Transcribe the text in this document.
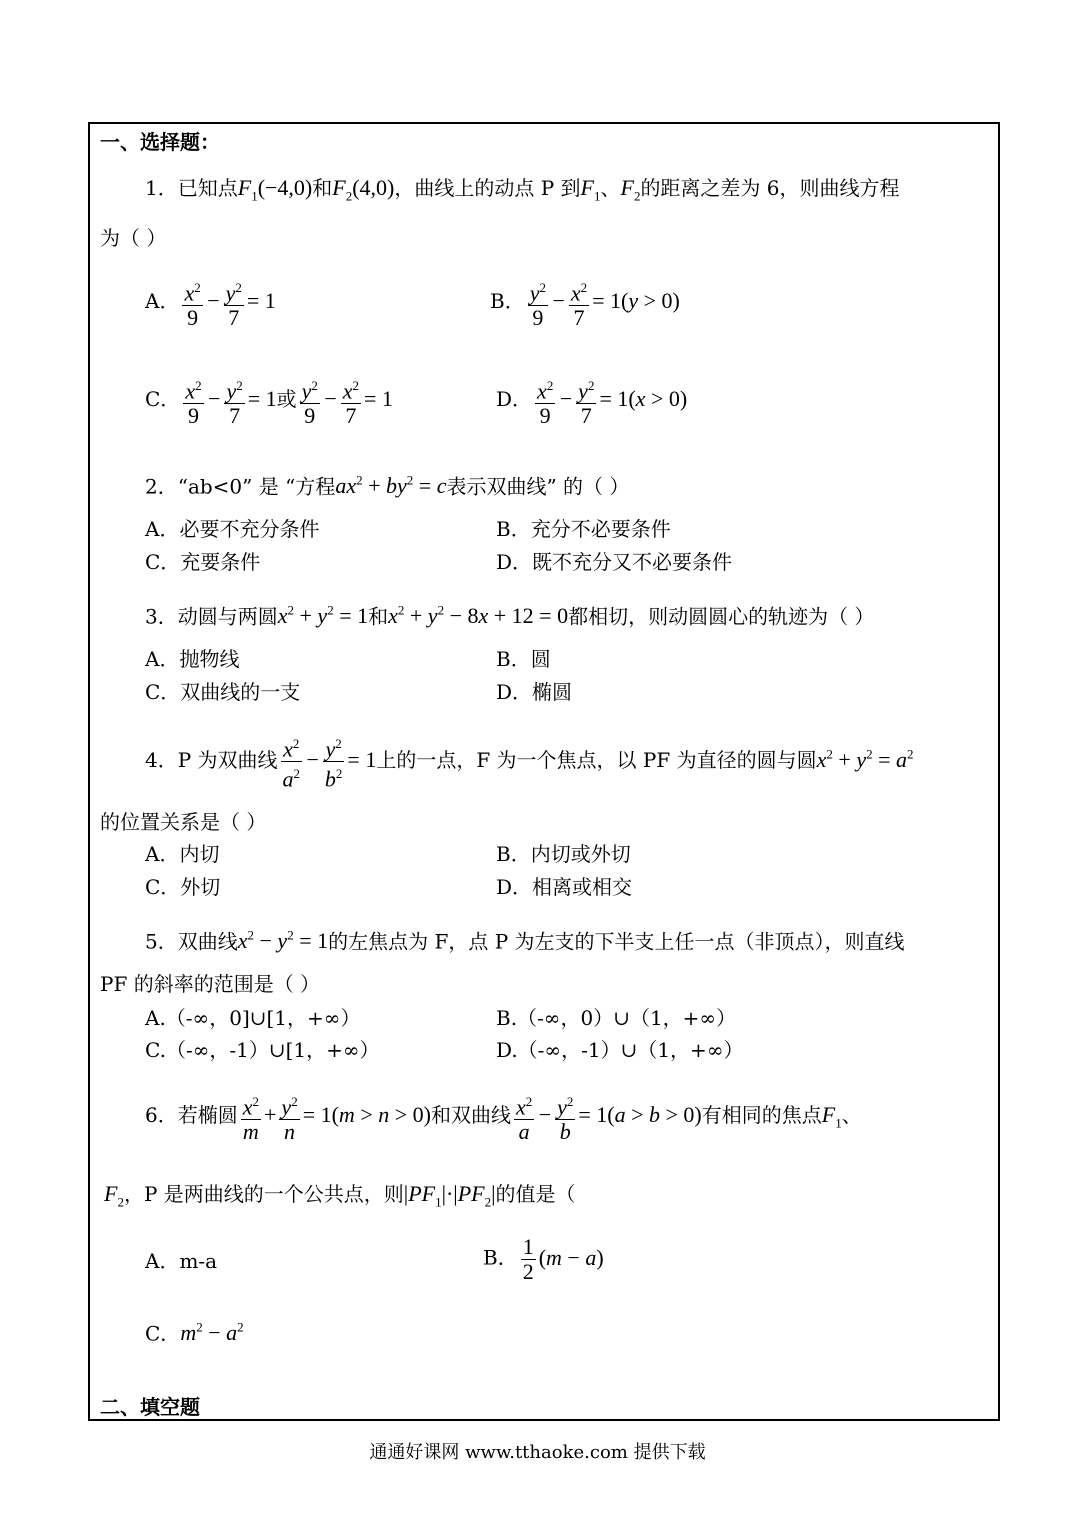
一、选择题：
1．已知点$F_1(-4,0)$和$F_2(4,0)$，曲线上的动点 P 到$F_1$、$F_2$的距离之差为 6，则曲线方程
为（ ）
A． $\frac{x^2}{9} - \frac{y^2}{7} = 1$	B． $\frac{y^2}{9} - \frac{x^2}{7} = 1(y > 0)$
C． $\frac{x^2}{9} - \frac{y^2}{7} = 1$或 $\frac{y^2}{9} - \frac{x^2}{7} = 1$	D． $\frac{x^2}{9} - \frac{y^2}{7} = 1(x > 0)$
2．“ab<0” 是 “方程$ax^2 + by^2 = c$表示双曲线” 的（ ）
A．必要不充分条件	B．充分不必要条件
C．充要条件	D．既不充分又不必要条件
3．动圆与两圆$x^2 + y^2 = 1$和$x^2 + y^2 - 8x + 12 = 0$都相切，则动圆圆心的轨迹为（ ）
A．抛物线	B．圆
C．双曲线的一支	D．椭圆
4．P 为双曲线 $\frac{x^2}{a^2} - \frac{y^2}{b^2} = 1$上的一点，F 为一个焦点，以 PF 为直径的圆与圆$x^2 + y^2 = a^2$
的位置关系是（ ）
A．内切	B．内切或外切
C．外切	D．相离或相交
5．双曲线$x^2 - y^2 = 1$的左焦点为 F，点 P 为左支的下半支上任一点（非顶点），则直线
PF 的斜率的范围是（ ）
A.（-∞，0]∪[1，+∞）	B.（-∞，0）∪（1，+∞）
C.（-∞，-1）∪[1，+∞）	D.（-∞，-1）∪（1，+∞）
6．若椭圆 $\frac{x^2}{m} + \frac{y^2}{n} = 1(m > n > 0)$和双曲线 $\frac{x^2}{a} - \frac{y^2}{b} = 1(a > b > 0)$有相同的焦点$F_1$、
$F_2$，P 是两曲线的一个公共点，则$|PF_1|\cdot|PF_2|$的值是（
A．m-a	B． $\frac{1}{2} (m - a)$
C．$m^2 - a^2$
二、填空题
通通好课网 www.tthaoke.com 提供下载
